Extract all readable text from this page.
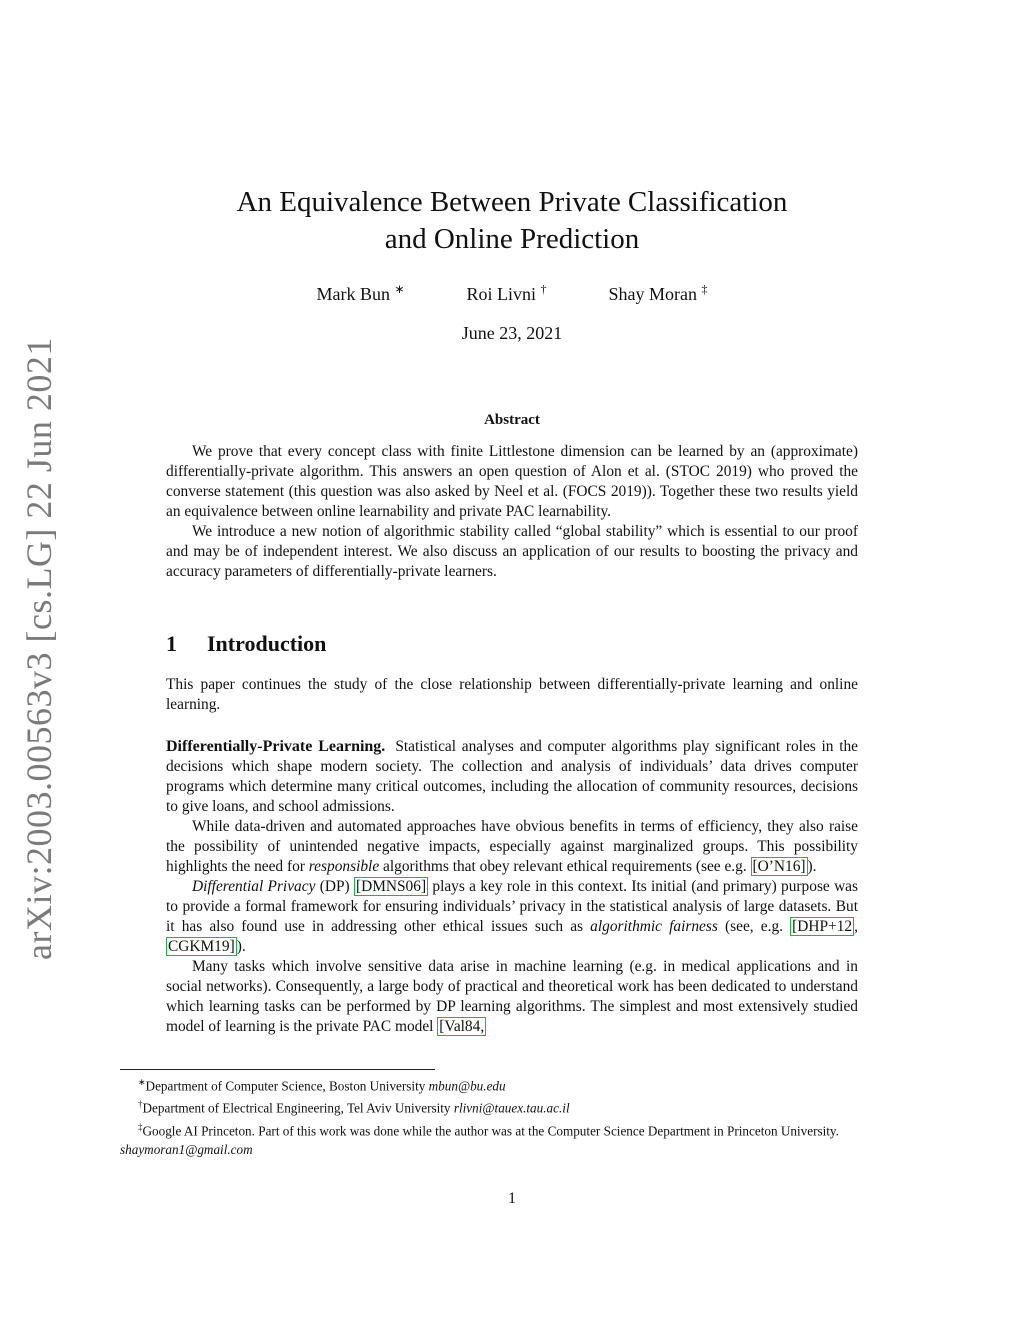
arXiv:2003.00563v3 [cs.LG] 22 Jun 2021
An Equivalence Between Private Classification
and Online Prediction
Mark Bun ∗	Roi Livni †	Shay Moran ‡
June 23, 2021
Abstract

We prove that every concept class with finite Littlestone dimension can be learned by an (approximate) differentially-private algorithm. This answers an open question of Alon et al. (STOC 2019) who proved the converse statement (this question was also asked by Neel et al. (FOCS 2019)). Together these two results yield an equivalence between online learnability and private PAC learnability.

We introduce a new notion of algorithmic stability called “global stability” which is essential to our proof and may be of independent interest. We also discuss an application of our results to boosting the privacy and accuracy parameters of differentially-private learners.

1 Introduction

This paper continues the study of the close relationship between differentially-private learning and online learning.

Differentially-Private Learning. Statistical analyses and computer algorithms play significant roles in the decisions which shape modern society. The collection and analysis of individuals’ data drives computer programs which determine many critical outcomes, including the allocation of community resources, decisions to give loans, and school admissions.

While data-driven and automated approaches have obvious benefits in terms of efficiency, they also raise the possibility of unintended negative impacts, especially against marginalized groups. This possibility highlights the need for responsible algorithms that obey relevant ethical requirements (see e.g. [O’N16] ).

Differential Privacy (DP) [DMNS06] plays a key role in this context. Its initial (and primary) purpose was to provide a formal framework for ensuring individuals’ privacy in the statistical analysis of large datasets. But it has also found use in addressing other ethical issues such as algorithmic fairness (see, e.g. [DHP+12 , CGKM19] ).

Many tasks which involve sensitive data arise in machine learning (e.g. in medical applications and in social networks). Consequently, a large body of practical and theoretical work has been dedicated to understand which learning tasks can be performed by DP learning algorithms. The simplest and most extensively studied model of learning is the private PAC model [Val84,

∗Department of Computer Science, Boston University mbun@bu.edu

†Department of Electrical Engineering, Tel Aviv University rlivni@tauex.tau.ac.il

‡Google AI Princeton. Part of this work was done while the author was at the Computer Science Department in Princeton University. shaymoran1@gmail.com

1
